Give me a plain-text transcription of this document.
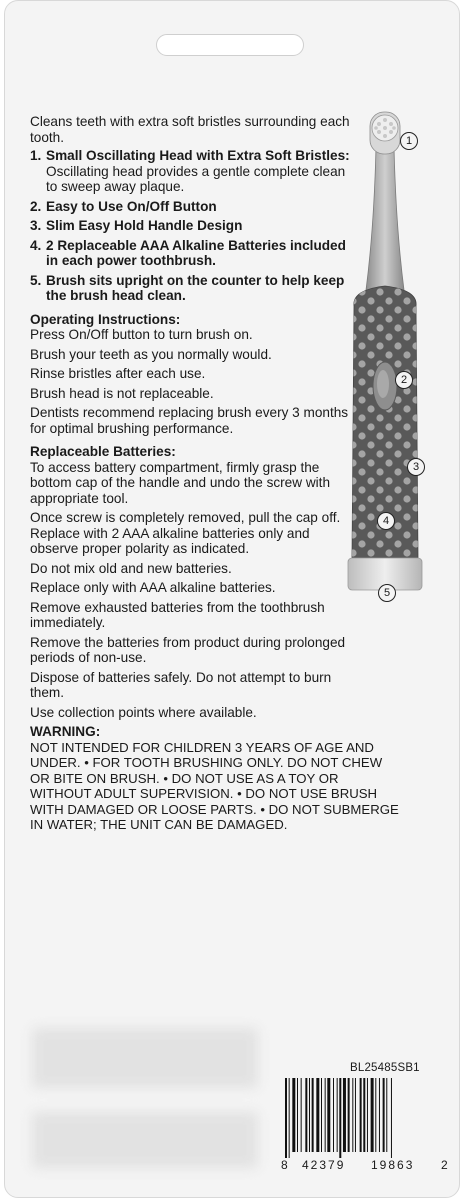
Cleans teeth with extra soft bristles surrounding each tooth.

1. Small Oscillating Head with Extra Soft Bristles: Oscillating head provides a gentle complete clean to sweep away plaque.
2. Easy to Use On/Off Button
3. Slim Easy Hold Handle Design
4. 2 Replaceable AAA Alkaline Batteries included in each power toothbrush.
5. Brush sits upright on the counter to help keep the brush head clean.
Operating Instructions:

Press On/Off button to turn brush on.

Brush your teeth as you normally would.

Rinse bristles after each use.

Brush head is not replaceable.

Dentists recommend replacing brush every 3 months for optimal brushing performance.

Replaceable Batteries:

To access battery compartment, firmly grasp the bottom cap of the handle and undo the screw with appropriate tool.

Once screw is completely removed, pull the cap off. Replace with 2 AAA alkaline batteries only and observe proper polarity as indicated.

Do not mix old and new batteries.

Replace only with AAA alkaline batteries.

Remove exhausted batteries from the toothbrush immediately.

Remove the batteries from product during prolonged periods of non-use.

Dispose of batteries safely. Do not attempt to burn them.

Use collection points where available.

1
2
3
4
5
WARNING:

NOT INTENDED FOR CHILDREN 3 YEARS OF AGE AND UNDER. • FOR TOOTH BRUSHING ONLY. DO NOT CHEW OR BITE ON BRUSH. • DO NOT USE AS A TOY OR WITHOUT ADULT SUPERVISION. • DO NOT USE BRUSH WITH DAMAGED OR LOOSE PARTS. • DO NOT SUBMERGE IN WATER; THE UNIT CAN BE DAMAGED.

BL25485SB1
8 42379 19863 2
